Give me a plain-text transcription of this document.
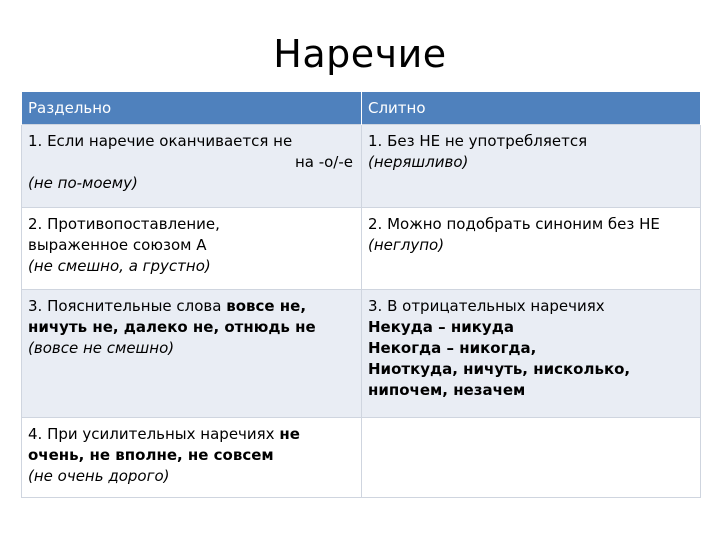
Наречие
Раздельно	Слитно

1. Если наречие оканчивается не
на -о/-е
(не по-моему)	1. Без НЕ не употребляется
(неряшливо)

2. Противопоставление,
выраженное союзом А
(не смешно, а грустно)	2. Можно подобрать синоним без НЕ
(неглупо)

3. Пояснительные слова вовсе не,
ничуть не, далеко не, отнюдь не
(вовсе не смешно)	3. В отрицательных наречиях
Некуда – никуда
Некогда – никогда,
Ниоткуда, ничуть, нисколько,
нипочем, незачем

4. При усилительных наречиях не
очень, не вполне, не совсем
(не очень дорого)	
